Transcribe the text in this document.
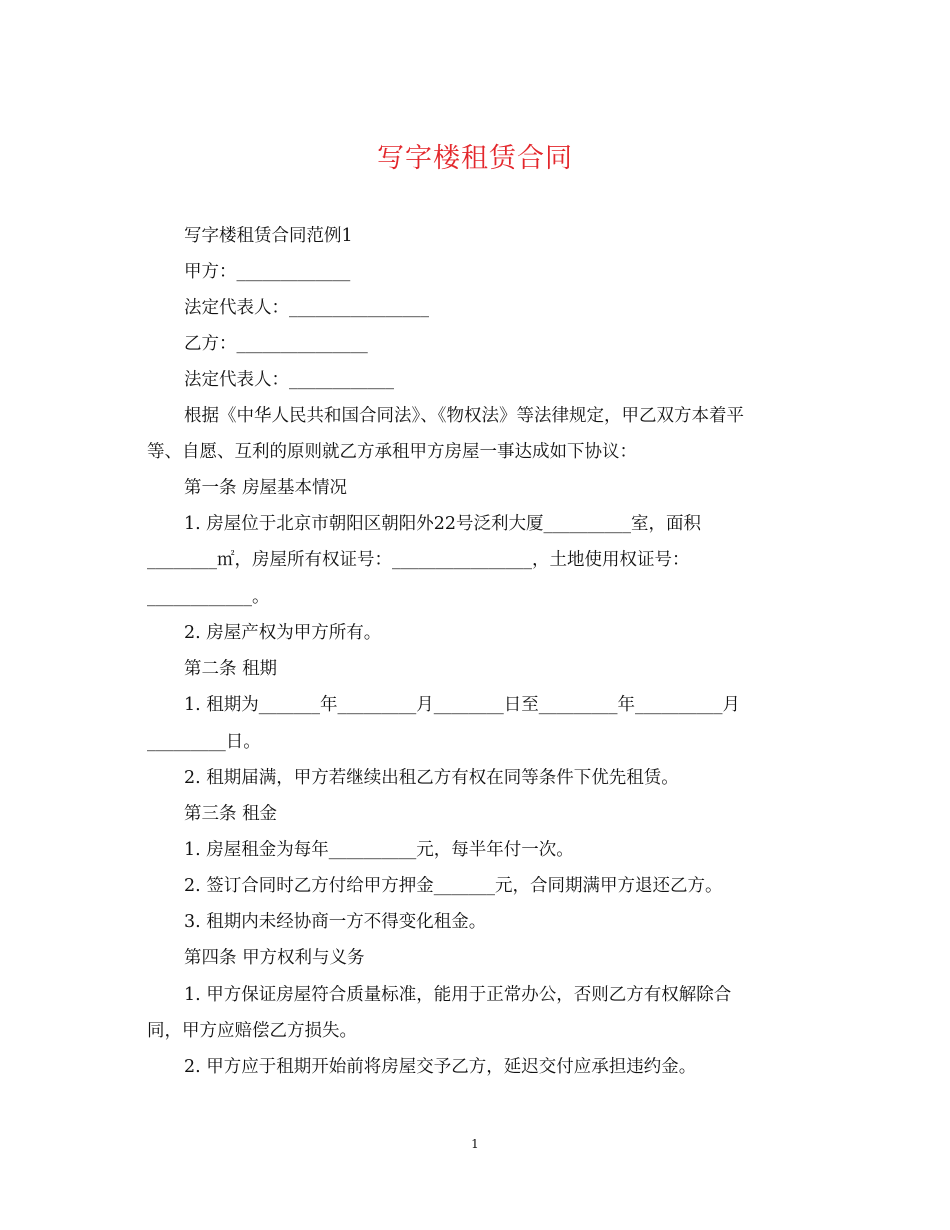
写字楼租赁合同
写字楼租赁合同范例1
甲方：_____________
法定代表人：________________
乙方：_______________
法定代表人：____________
根据《中华人民共和国合同法》、《物权法》等法律规定，甲乙双方本着平
等、自愿、互利的原则就乙方承租甲方房屋一事达成如下协议：
第一条 房屋基本情况
1. 房屋位于北京市朝阳区朝阳外22号泛利大厦__________室，面积
________㎡，房屋所有权证号：________________，土地使用权证号：
____________。
2. 房屋产权为甲方所有。
第二条 租期
1. 租期为_______年_________月________日至_________年__________月
_________日。
2. 租期届满，甲方若继续出租乙方有权在同等条件下优先租赁。
第三条 租金
1. 房屋租金为每年__________元，每半年付一次。
2. 签订合同时乙方付给甲方押金_______元，合同期满甲方退还乙方。
3. 租期内未经协商一方不得变化租金。
第四条 甲方权利与义务
1. 甲方保证房屋符合质量标准，能用于正常办公，否则乙方有权解除合
同，甲方应赔偿乙方损失。
2. 甲方应于租期开始前将房屋交予乙方，延迟交付应承担违约金。
1
